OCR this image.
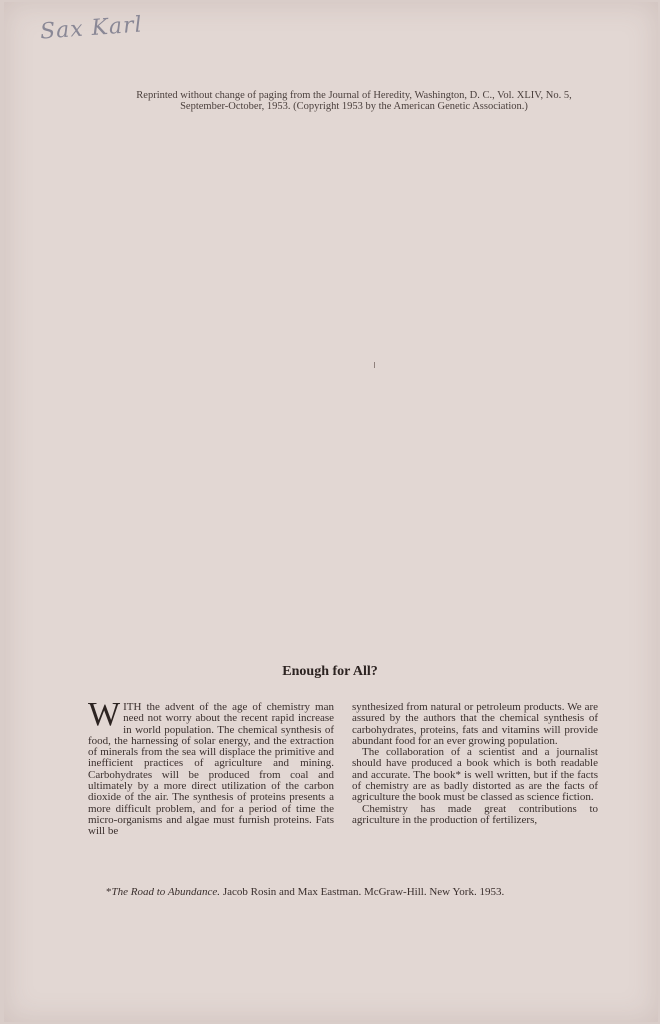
Sax Karl
Reprinted without change of paging from the Journal of Heredity, Washington, D. C., Vol. XLIV, No. 5,
September-October, 1953. (Copyright 1953 by the American Genetic Association.)
Enough for All?

WITH the advent of the age of chemistry man need not worry about the recent rapid increase in world population. The chemical synthesis of food, the harnessing of solar energy, and the extraction of minerals from the sea will displace the primitive and inefficient practices of agriculture and mining. Carbohydrates will be produced from coal and ultimately by a more direct utilization of the carbon dioxide of the air. The synthesis of proteins presents a more difficult problem, and for a period of time the micro-organisms and algae must furnish proteins. Fats will be

synthesized from natural or petroleum products. We are assured by the authors that the chemical synthesis of carbohydrates, proteins, fats and vitamins will provide abundant food for an ever growing population.

The collaboration of a scientist and a journalist should have produced a book which is both readable and accurate. The book* is well written, but if the facts of chemistry are as badly distorted as are the facts of agriculture the book must be classed as science fiction.

Chemistry has made great contributions to agriculture in the production of fertilizers,

*The Road to Abundance. Jacob Rosin and Max Eastman. McGraw-Hill. New York. 1953.
